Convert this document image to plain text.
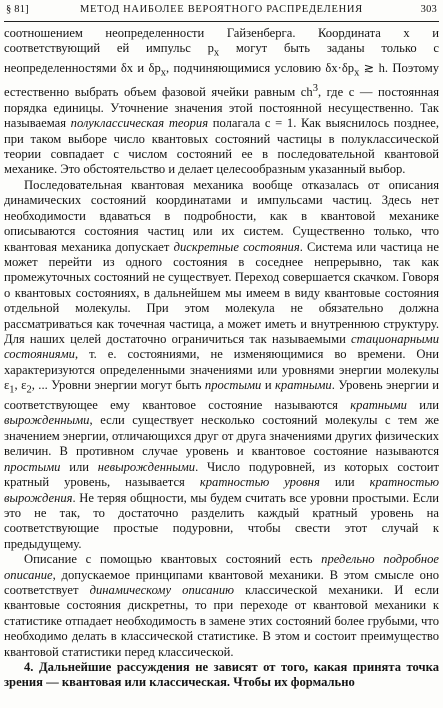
§ 81]	МЕТОД НАИБОЛЕЕ ВЕРОЯТНОГО РАСПРЕДЕЛЕНИЯ	303

соотношением неопределенности Гайзенберга. Координата x и соответствующий ей импульс $p_x$ могут быть заданы только с неопределенностями δx и $\delta p_x$, подчиняющимися условию $\delta x\cdot\delta p_x$ ≳ h. Поэтому естественно выбрать объем фазовой ячейки равным $ch^3$, где c — постоянная порядка единицы. Уточнение значения этой постоянной несущественно. Так называемая полуклассическая теория полагала c = 1. Как выяснилось позднее, при таком выборе число квантовых состояний частицы в полуклассической теории совпадает с числом состояний ее в последовательной квантовой механике. Это обстоятельство и делает целесообразным указанный выбор.

Последовательная квантовая механика вообще отказалась от описания динамических состояний координатами и импульсами частиц. Здесь нет необходимости вдаваться в подробности, как в квантовой механике описываются состояния частиц или их систем. Существенно только, что квантовая механика допускает дискретные состояния. Система или частица не может перейти из одного состояния в соседнее непрерывно, так как промежуточных состояний не существует. Переход совершается скачком. Говоря о квантовых состояниях, в дальнейшем мы имеем в виду квантовые состояния отдельной молекулы. При этом молекула не обязательно должна рассматриваться как точечная частица, а может иметь и внутреннюю структуру. Для наших целей достаточно ограничиться так называемыми стационарными состояниями, т. е. состояниями, не изменяющимися во времени. Они характеризуются определенными значениями или уровнями энергии молекулы $\varepsilon_1$, $\varepsilon_2$, ... Уровни энергии могут быть простыми и кратными. Уровень энергии и соответствующее ему квантовое состояние называются кратными или вырожденными, если существует несколько состояний молекулы с тем же значением энергии, отличающихся друг от друга значениями других физических величин. В противном случае уровень и квантовое состояние называются простыми или невырожденными. Число подуровней, из которых состоит кратный уровень, называется кратностью уровня или кратностью вырождения. Не теряя общности, мы будем считать все уровни простыми. Если это не так, то достаточно разделить каждый кратный уровень на соответствующие простые подуровни, чтобы свести этот случай к предыдущему.

Описание с помощью квантовых состояний есть предельно подробное описание, допускаемое принципами квантовой механики. В этом смысле оно соответствует динамическому описанию классической механики. И если квантовые состояния дискретны, то при переходе от квантовой механики к статистике отпадает необходимость в замене этих состояний более грубыми, что необходимо делать в классической статистике. В этом и состоит преимущество квантовой статистики перед классической.

4. Дальнейшие рассуждения не зависят от того, какая принята точка зрения — квантовая или классическая. Чтобы их формально
